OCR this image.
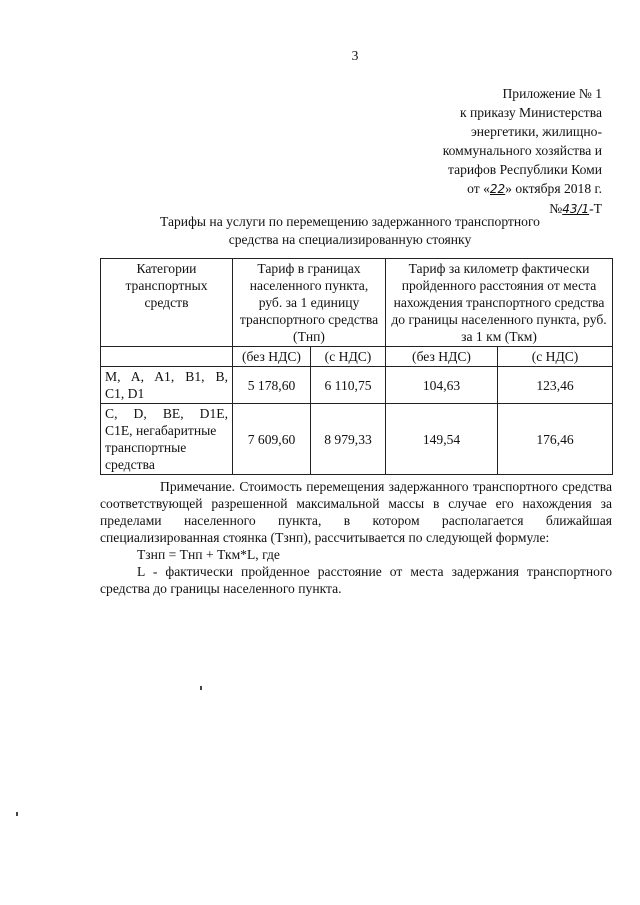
3
Приложение № 1
к приказу Министерства
энергетики, жилищно-
коммунального хозяйства и
тарифов Республики Коми
от «22» октября 2018 г.
№43/1-Т
Тарифы на услуги по перемещению задержанного транспортного
средства на специализированную стоянку
Категории транспортных средств	Тариф в границах населенного пункта, руб. за 1 единицу транспортного средства (Тнп)		Тариф за километр фактически пройденного расстояния от места нахождения транспортного средства до границы населенного пункта, руб. за 1 км (Ткм)	
	(без НДС)	(с НДС)	(без НДС)	(с НДС)

M, A, A1, B1, B,
C1, D1	5 178,60	6 110,75	104,63	123,46

C, D, BE, D1E,
C1E, негабаритные транспортные средства	7 609,60	8 979,33	149,54	176,46

Примечание. Стоимость перемещения задержанного транспортного средства соответствующей разрешенной максимальной массы в случае его нахождения за пределами населенного пункта, в котором располагается ближайшая специализированная стоянка (Тзнп), рассчитывается по следующей формуле:

Тзнп = Тнп + Ткм*L, где

L - фактически пройденное расстояние от места задержания транспортного средства до границы населенного пункта.
